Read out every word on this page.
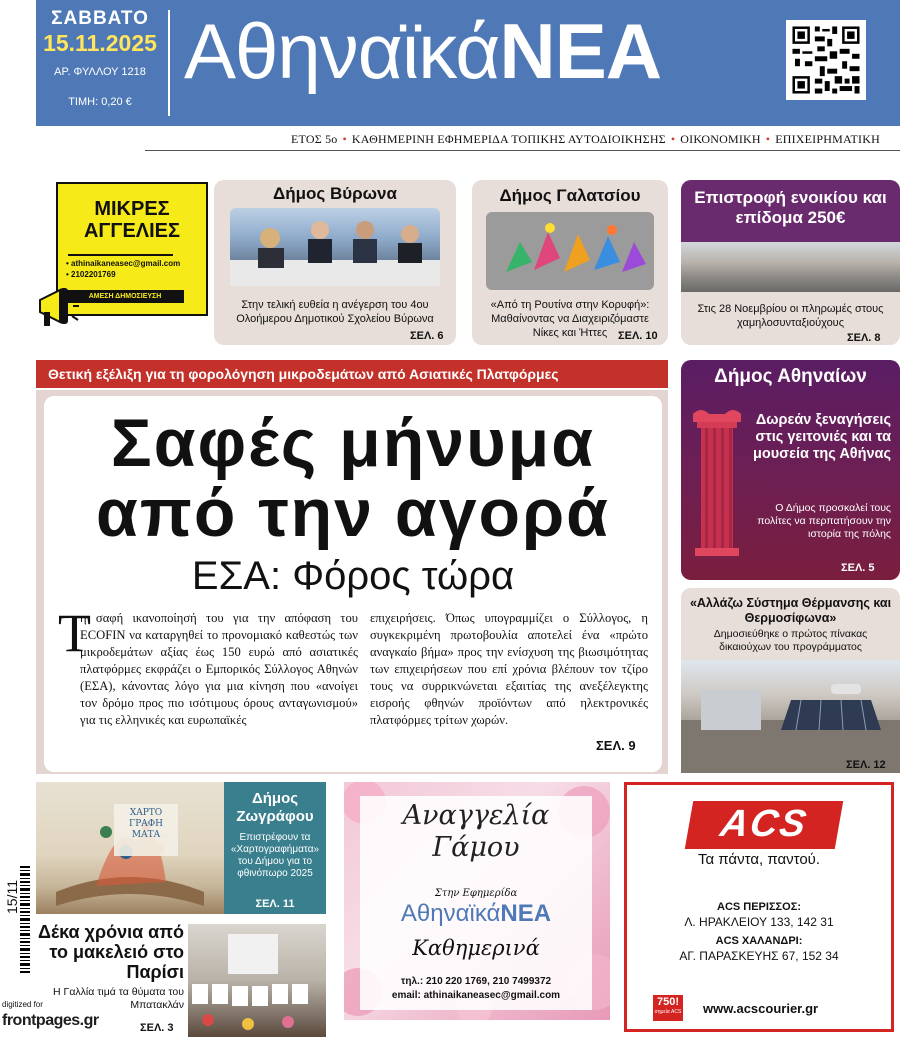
ΣΑΒΒΑΤΟ
15.11.2025
ΑΡ. ΦΥΛΛΟΥ 1218
ΤΙΜΗ: 0,20 €
ΑθηναϊκάΝΕΑ
ΕΤΟΣ 5ο • ΚΑΘΗΜΕΡΙΝΗ ΕΦΗΜΕΡΙΔΑ ΤΟΠΙΚΗΣ ΑΥΤΟΔΙΟΙΚΗΣΗΣ • ΟΙΚΟΝΟΜΙΚΗ • ΕΠΙΧΕΙΡΗΜΑΤΙΚΗ
ΜΙΚΡΕΣ
ΑΓΓΕΛΙΕΣ
• athinaikaneasec@gmail.com
• 2102201769
ΑΜΕΣΗ ΔΗΜΟΣΙΕΥΣΗ
Δήμος Βύρωνα
Στην τελική ευθεία η ανέγερση του 4ου Ολοήμερου Δημοτικού Σχολείου Βύρωνα
ΣΕΛ. 6
Δήμος Γαλατσίου
«Από τη Ρουτίνα στην Κορυφή»: Μαθαίνοντας να Διαχειριζόμαστε Νίκες και Ήττες ΣΕΛ. 10
Επιστροφή ενοικίου και επίδομα 250€
Στις 28 Νοεμβρίου οι πληρωμές στους χαμηλοσυνταξιούχους
ΣΕΛ. 8
Θετική εξέλιξη για τη φορολόγηση μικροδεμάτων από Ασιατικές Πλατφόρμες
Σαφές μήνυμα
από την αγορά
ΕΣΑ: Φόρος τώρα
Τ
η σαφή ικανοποίησή του για την απόφαση του ECOFIN να καταργηθεί το προνομιακό καθεστώς των μικροδεμάτων αξίας έως 150 ευρώ από ασιατικές πλατφόρμες εκφράζει ο Εμπορικός Σύλλογος Αθηνών (ΕΣΑ), κάνοντας λόγο για μια κίνηση που «ανοίγει τον δρόμο προς πιο ισότιμους όρους ανταγωνισμού» για τις ελληνικές και ευρωπαϊκές
επιχειρήσεις. Όπως υπογραμμίζει ο Σύλλογος, η συγκεκριμένη πρωτοβουλία αποτελεί ένα «πρώτο αναγκαίο βήμα» προς την ενίσχυση της βιωσιμότητας των επιχειρήσεων που επί χρόνια βλέπουν τον τζίρο τους να συρρικνώνεται εξαιτίας της ανεξέλεγκτης εισροής φθηνών προϊόντων από ηλεκτρονικές πλατφόρμες τρίτων χωρών.
ΣΕΛ. 9
Δήμος Αθηναίων
Δωρεάν ξεναγήσεις στις γειτονιές και τα μουσεία της Αθήνας
Ο Δήμος προσκαλεί τους πολίτες να περπατήσουν την ιστορία της πόλης
ΣΕΛ. 5
«Αλλάζω Σύστημα Θέρμανσης και Θερμοσίφωνα»
Δημοσιεύθηκε ο πρώτος πίνακας δικαιούχων του προγράμματος
ΣΕΛ. 12
ΧΑΡΤΟ ΓΡΑΦΗ ΜΑΤΑ
Δήμος Ζωγράφου
Επιστρέφουν τα «Χαρτογραφήματα» του Δήμου για το φθινόπωρο 2025
ΣΕΛ. 11
Δέκα χρόνια από το μακελειό στο Παρίσι
Η Γαλλία τιμά τα θύματα του Μπατακλάν
ΣΕΛ. 3
15/11
digitized for
frontpages.gr
Αναγγελία Γάμου
Στην Εφημερίδα
ΑθηναϊκάΝΕΑ
Καθημερινά
τηλ.: 210 220 1769, 210 7499372
email: athinaikaneasec@gmail.com
ACS
Τα πάντα, παντού.
ACS ΠΕΡΙΣΣΟΣ:
Λ. ΗΡΑΚΛΕΙΟΥ 133, 142 31
ACS ΧΑΛΑΝΔΡΙ:
ΑΓ. ΠΑΡΑΣΚΕΥΗΣ 67, 152 34
750!
σημεία ACS www.acscourier.gr
